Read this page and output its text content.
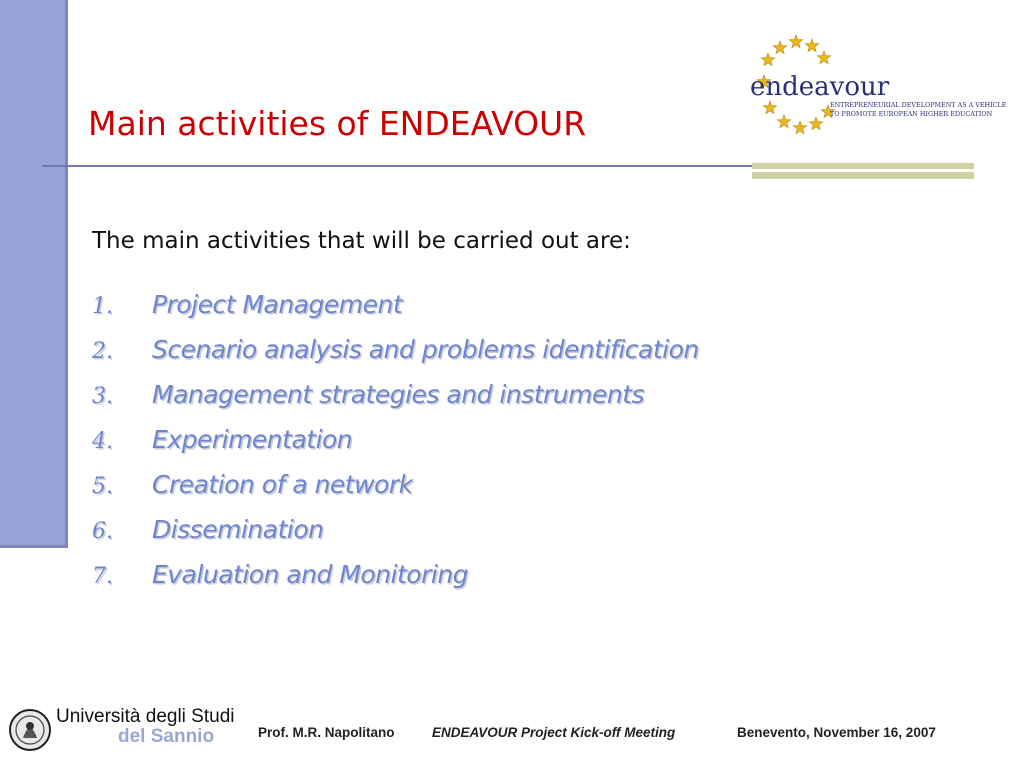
Main activities of ENDEAVOUR
endeavour
ENTREPRENEURIAL DEVELOPMENT AS A VEHICLE
TO PROMOTE EUROPEAN HIGHER EDUCATION
The main activities that will be carried out are:
1.	Project Management
2.	Scenario analysis and problems identification
3.	Management strategies and instruments
4.	Experimentation
5.	Creation of a network
6.	Dissemination
7.	Evaluation and Monitoring
Università degli Studi
del Sannio	Prof. M.R. Napolitano	ENDEAVOUR Project Kick-off Meeting	Benevento, November 16, 2007
